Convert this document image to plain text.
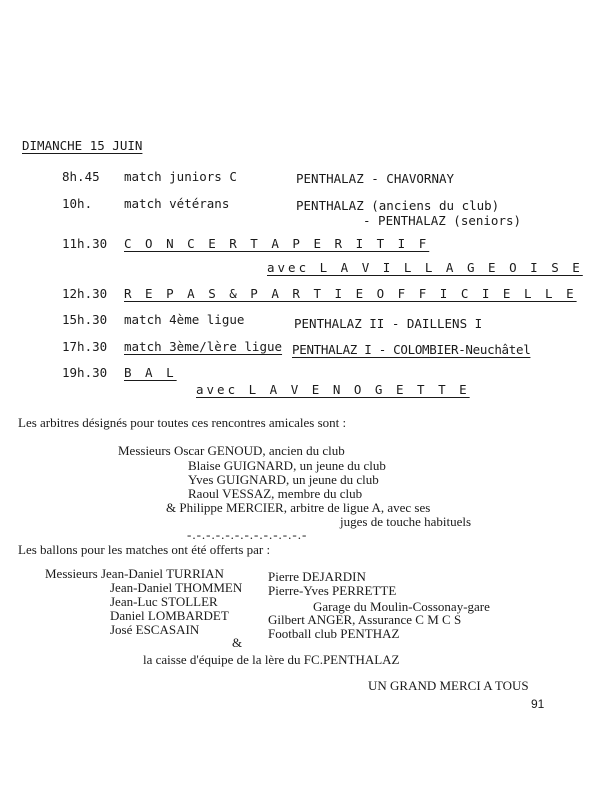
DIMANCHE 15 JUIN
8h.45 match juniors C	PENTHALAZ - CHAVORNAY
10h.	match vétérans	PENTHALAZ (anciens du club)
- PENTHALAZ (seniors)
11h.30 C O N C E R T A P E R I T I F
avec L A V I L L A G E O I S E
12h.30 R E P A S & P A R T I E O F F I C I E L L E
15h.30 match 4ème ligue	PENTHALAZ II - DAILLENS I
17h.30 match 3ème/lère ligue PENTHALAZ I - COLOMBIER-Neuchâtel
19h.30 B A L
avec L A V E N O G E T T E
Les arbitres désignés pour toutes ces rencontres amicales sont :
Messieurs Oscar GENOUD, ancien du club
Blaise GUIGNARD, un jeune du club
Yves GUIGNARD, un jeune du club
Raoul VESSAZ, membre du club
& Philippe MERCIER, arbitre de ligue A, avec ses
juges de touche habituels
-.-.-.-.-.-.-.-.-.-.-.-.-
Les ballons pour les matches ont été offerts par :
Messieurs Jean-Daniel TURRIAN
Jean-Daniel THOMMEN
Jean-Luc STOLLER
Daniel LOMBARDET
José ESCASAIN
Pierre DEJARDIN
Pierre-Yves PERRETTE
Garage du Moulin-Cossonay-gare
Gilbert ANGER, Assurance C M C S
Football club PENTHAZ
&
la caisse d'équipe de la lère du FC.PENTHALAZ
UN GRAND MERCI A TOUS
91
